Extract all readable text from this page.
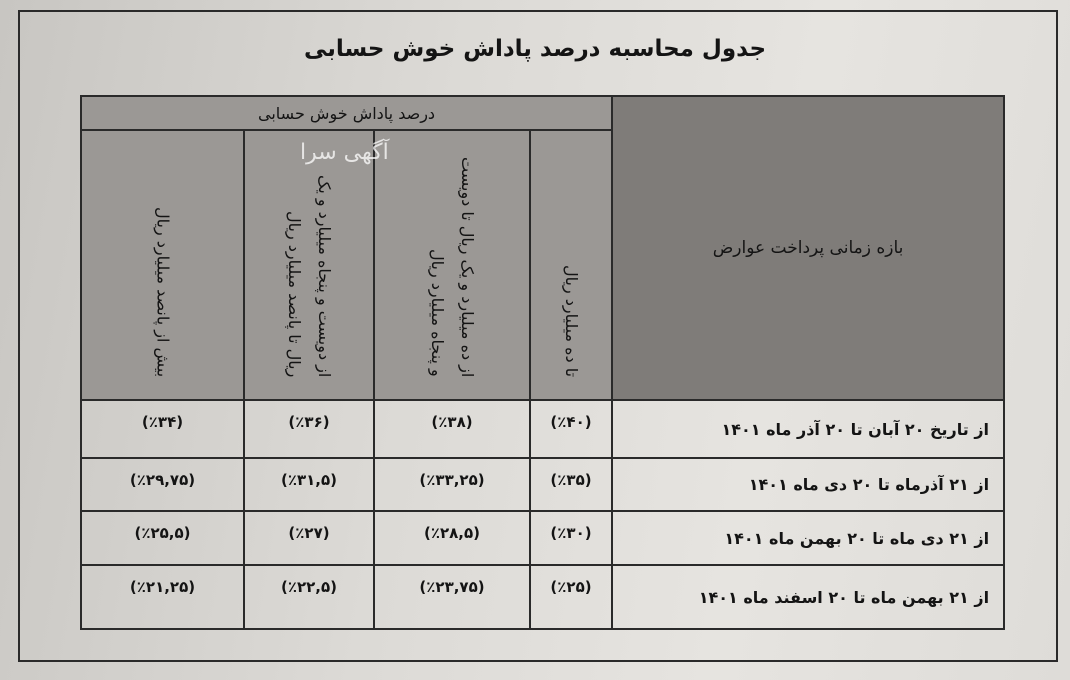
جدول محاسبه درصد پاداش خوش حسابی
درصد پاداش خوش حسابی				بازه زمانی پرداخت عوارض
بیش از پانصد میلیارد ریال	از دویست و پنجاه میلیارد و یک ریال تا پانصد میلیارد ریال	از ده میلیارد و یک ریال تا دویست و پنجاه میلیارد ریال	تا ده میلیارد ریال	
(٪۳۴)	(٪۳۶)	(٪۳۸)	(٪۴۰)	از تاریخ ۲۰ آبان تا ۲۰ آذر ماه ۱۴۰۱
(٪۲۹,۷۵)	(٪۳۱,۵)	(٪۳۳,۲۵)	(٪۳۵)	از ۲۱ آذرماه تا ۲۰ دی ماه ۱۴۰۱
(٪۲۵,۵)	(٪۲۷)	(٪۲۸,۵)	(٪۳۰)	از ۲۱ دی ماه تا ۲۰ بهمن ماه ۱۴۰۱
(٪۲۱,۲۵)	(٪۲۲,۵)	(٪۲۳,۷۵)	(٪۲۵)	از ۲۱ بهمن ماه تا ۲۰ اسفند ماه ۱۴۰۱
آگهی سرا
